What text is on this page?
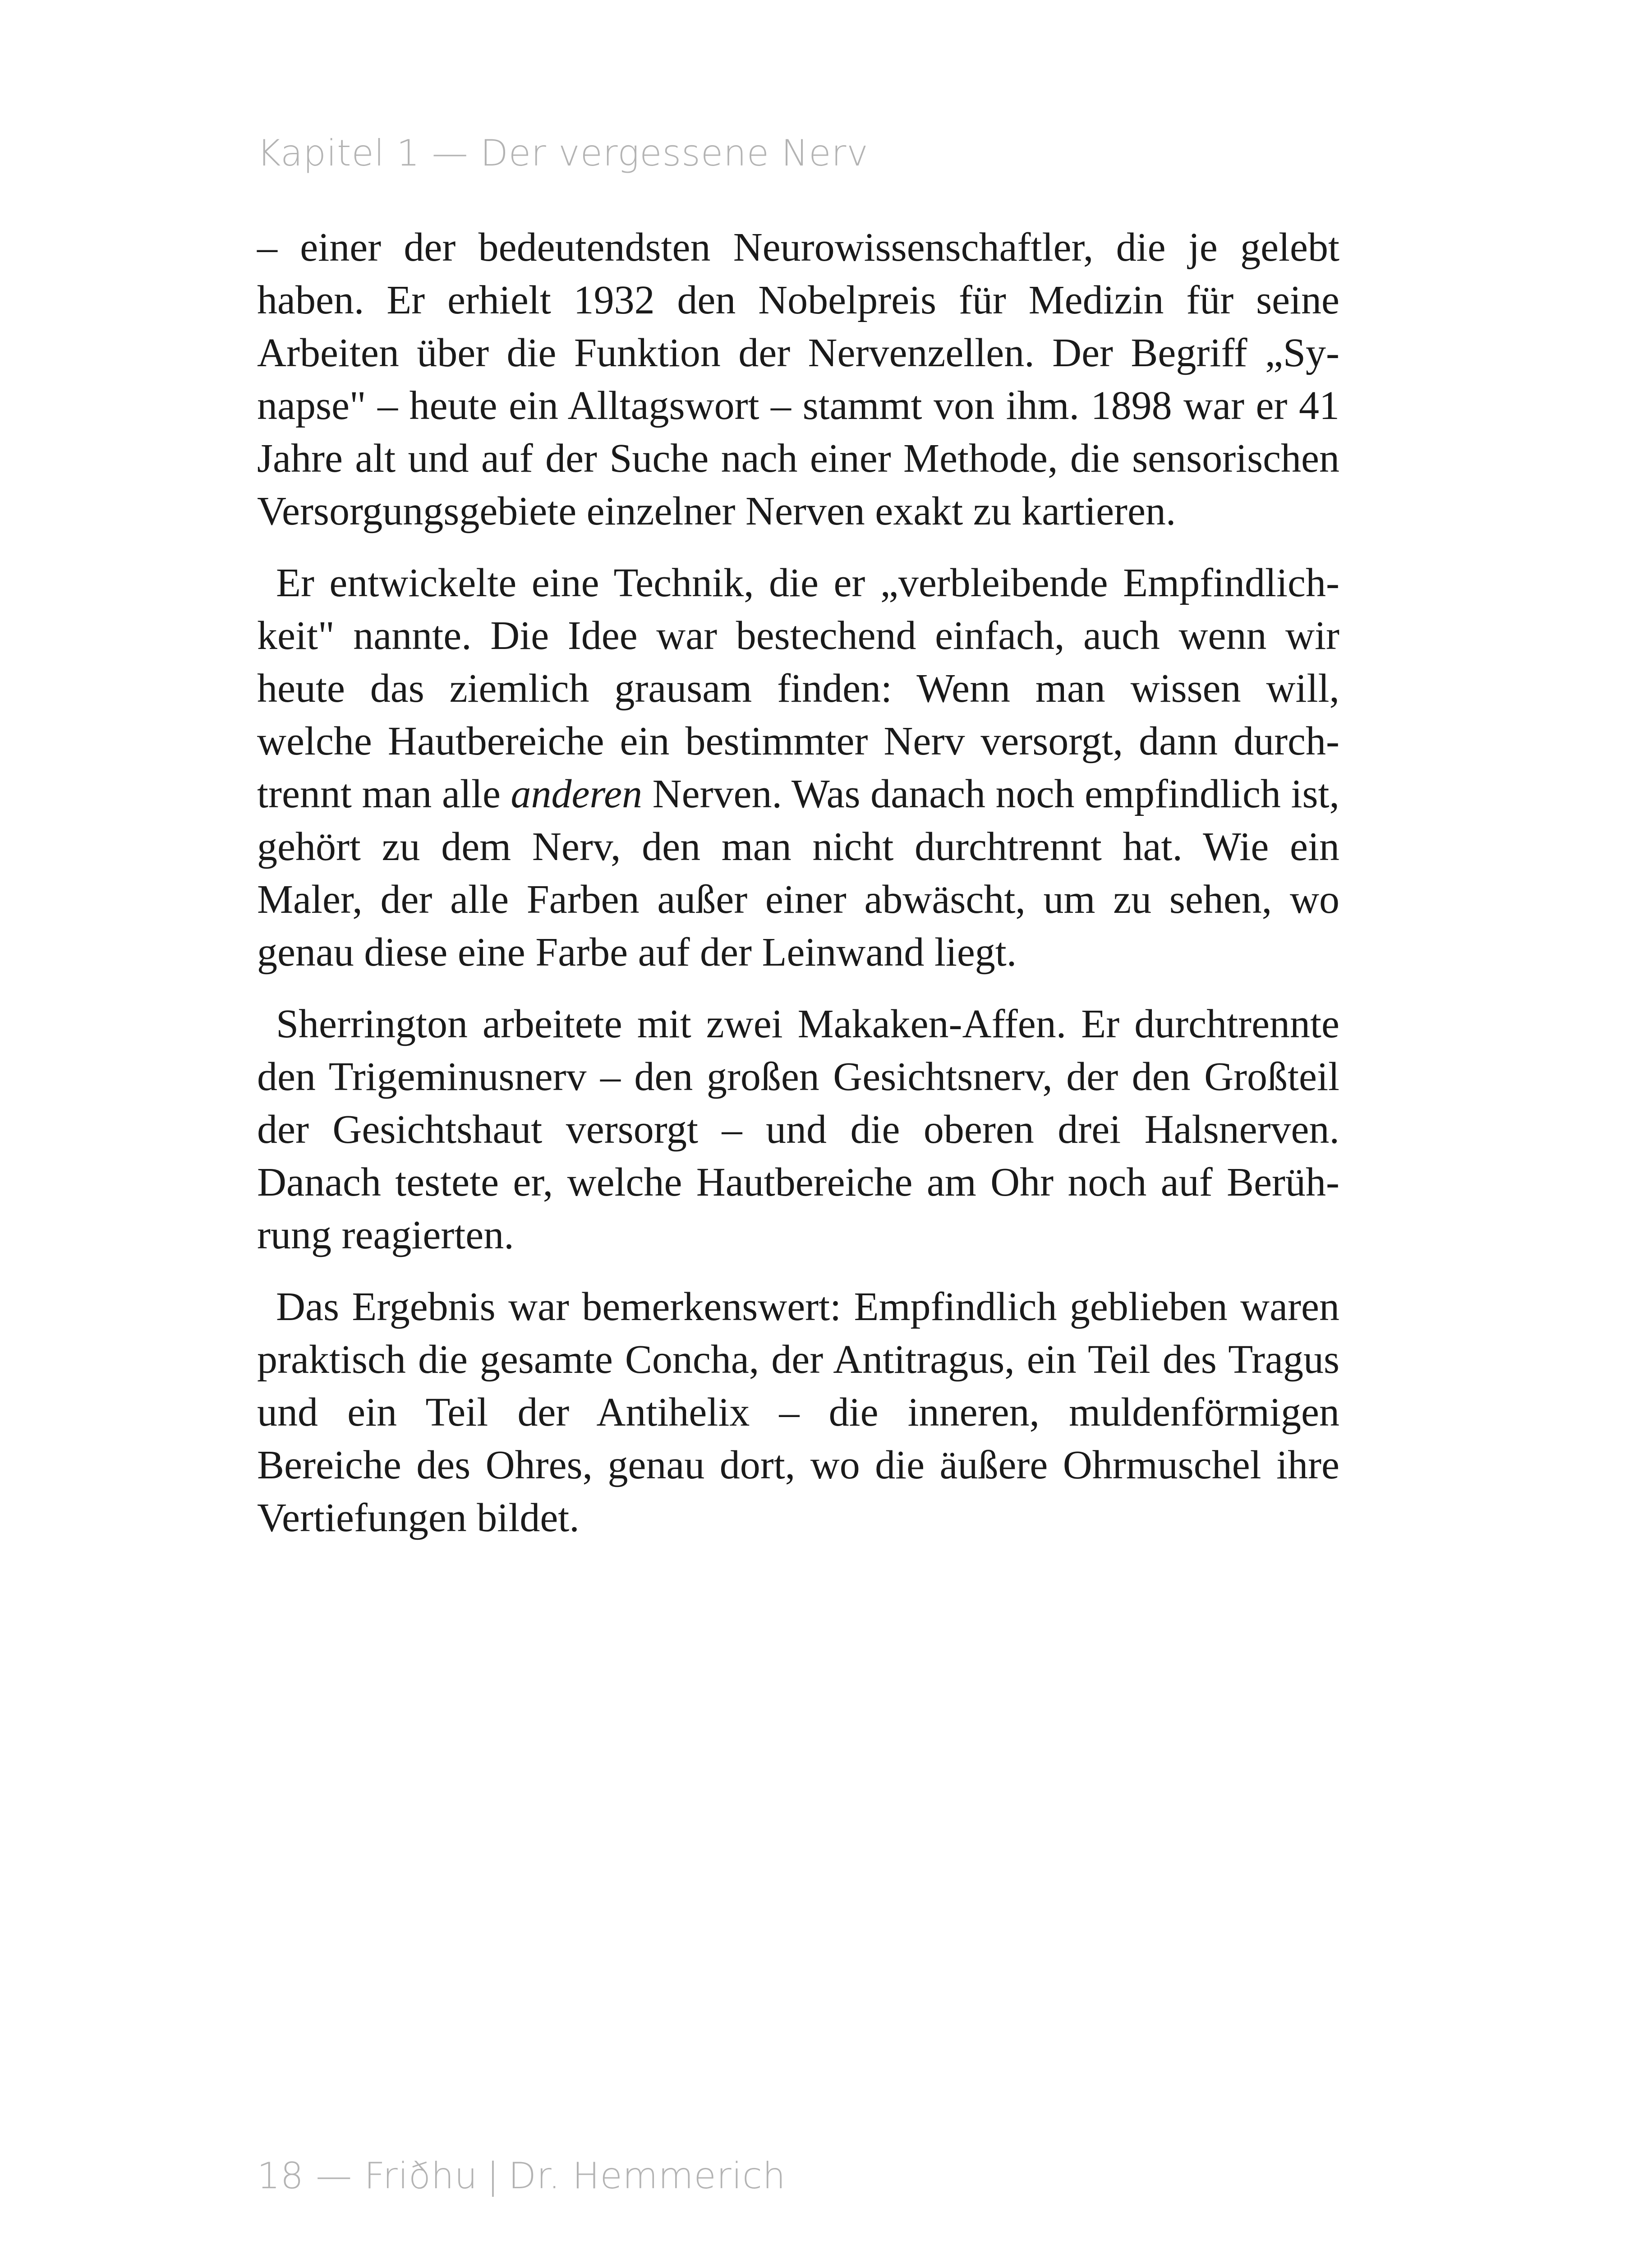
Kapitel 1 — Der vergessene Nerv

– einer der bedeutendsten Neurowissenschaftler, die je gelebt haben. Er erhielt 1932 den Nobelpreis für Medizin für seine Arbeiten über die Funktion der Nervenzellen. Der Begriff „Synapse" – heute ein Alltagswort – stammt von ihm. 1898 war er 41 Jahre alt und auf der Suche nach einer Methode, die sensorischen Versorgungsgebiete einzelner Nerven exakt zu kartieren.

Er entwickelte eine Technik, die er „verbleibende Empfindlichkeit" nannte. Die Idee war bestechend einfach, auch wenn wir heute das ziemlich grausam finden: Wenn man wissen will, welche Hautbereiche ein bestimmter Nerv versorgt, dann durchtrennt man alle anderen Nerven. Was danach noch empfindlich ist, gehört zu dem Nerv, den man nicht durchtrennt hat. Wie ein Maler, der alle Farben außer einer abwäscht, um zu sehen, wo genau diese eine Farbe auf der Leinwand liegt.

Sherrington arbeitete mit zwei Makaken-Affen. Er durchtrennte den Trigeminusnerv – den großen Gesichtsnerv, der den Großteil der Gesichtshaut versorgt – und die oberen drei Halsnerven. Danach testete er, welche Hautbereiche am Ohr noch auf Berührung reagierten.

Das Ergebnis war bemerkenswert: Empfindlich geblieben waren praktisch die gesamte Concha, der Antitragus, ein Teil des Tragus und ein Teil der Antihelix – die inneren, muldenförmigen Bereiche des Ohres, genau dort, wo die äußere Ohrmuschel ihre Vertiefungen bildet.

18 — Friðhu | Dr. Hemmerich
